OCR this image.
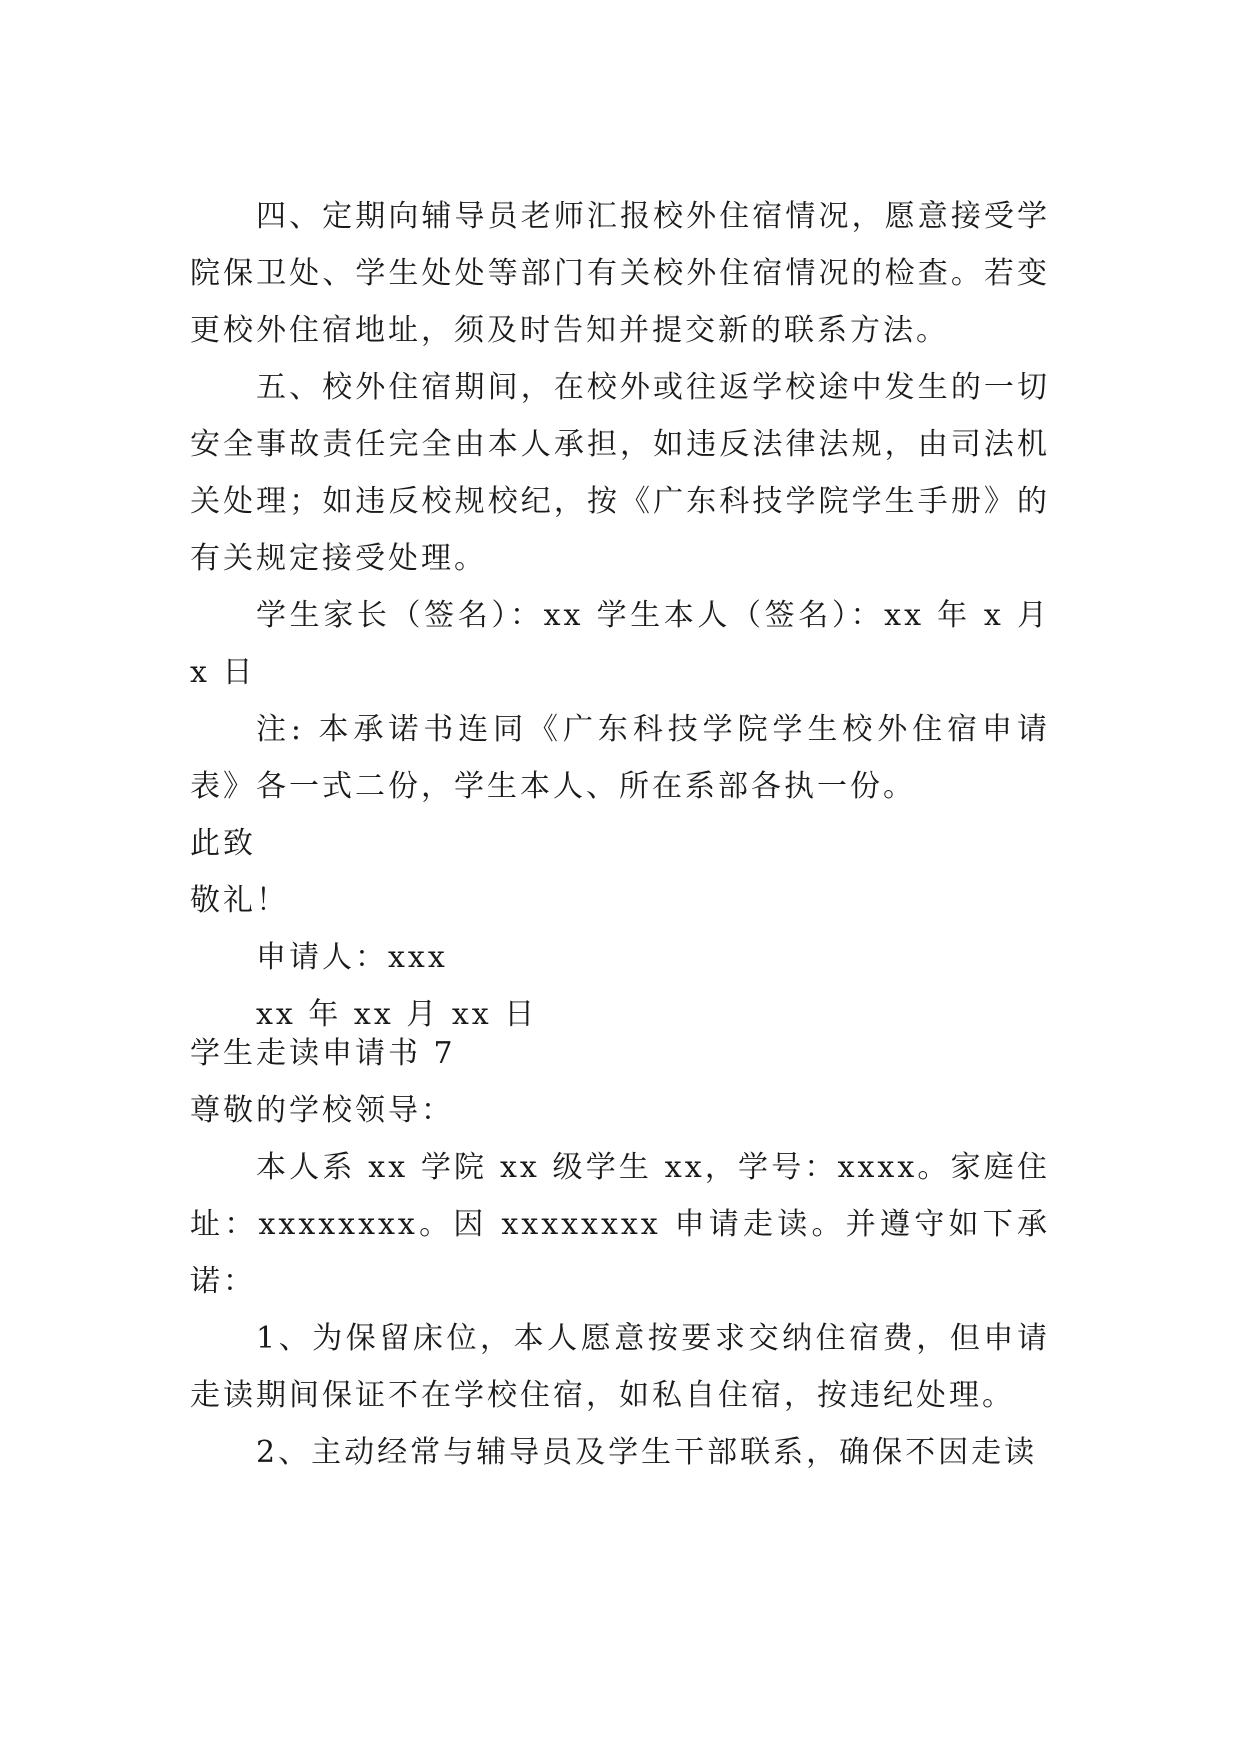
四、定期向辅导员老师汇报校外住宿情况，愿意接受学院保卫处、学生处处等部门有关校外住宿情况的检查。若变更校外住宿地址，须及时告知并提交新的联系方法。

五、校外住宿期间，在校外或往返学校途中发生的一切安全事故责任完全由本人承担，如违反法律法规，由司法机关处理；如违反校规校纪，按《广东科技学院学生手册》的有关规定接受处理。

学生家长（签名）：xx 学生本人（签名）：xx 年 x 月 x 日

注: 本承诺书连同《广东科技学院学生校外住宿申请表》各一式二份，学生本人、所在系部各执一份。

此致

敬礼！

申请人：xxx

xx 年 xx 月 xx 日

学生走读申请书 7

尊敬的学校领导：

本人系 xx 学院 xx 级学生 xx，学号：xxxx。家庭住址：xxxxxxxx。因 xxxxxxxx 申请走读。并遵守如下承诺：

1、为保留床位，本人愿意按要求交纳住宿费，但申请走读期间保证不在学校住宿，如私自住宿，按违纪处理。

2、主动经常与辅导员及学生干部联系，确保不因走读
